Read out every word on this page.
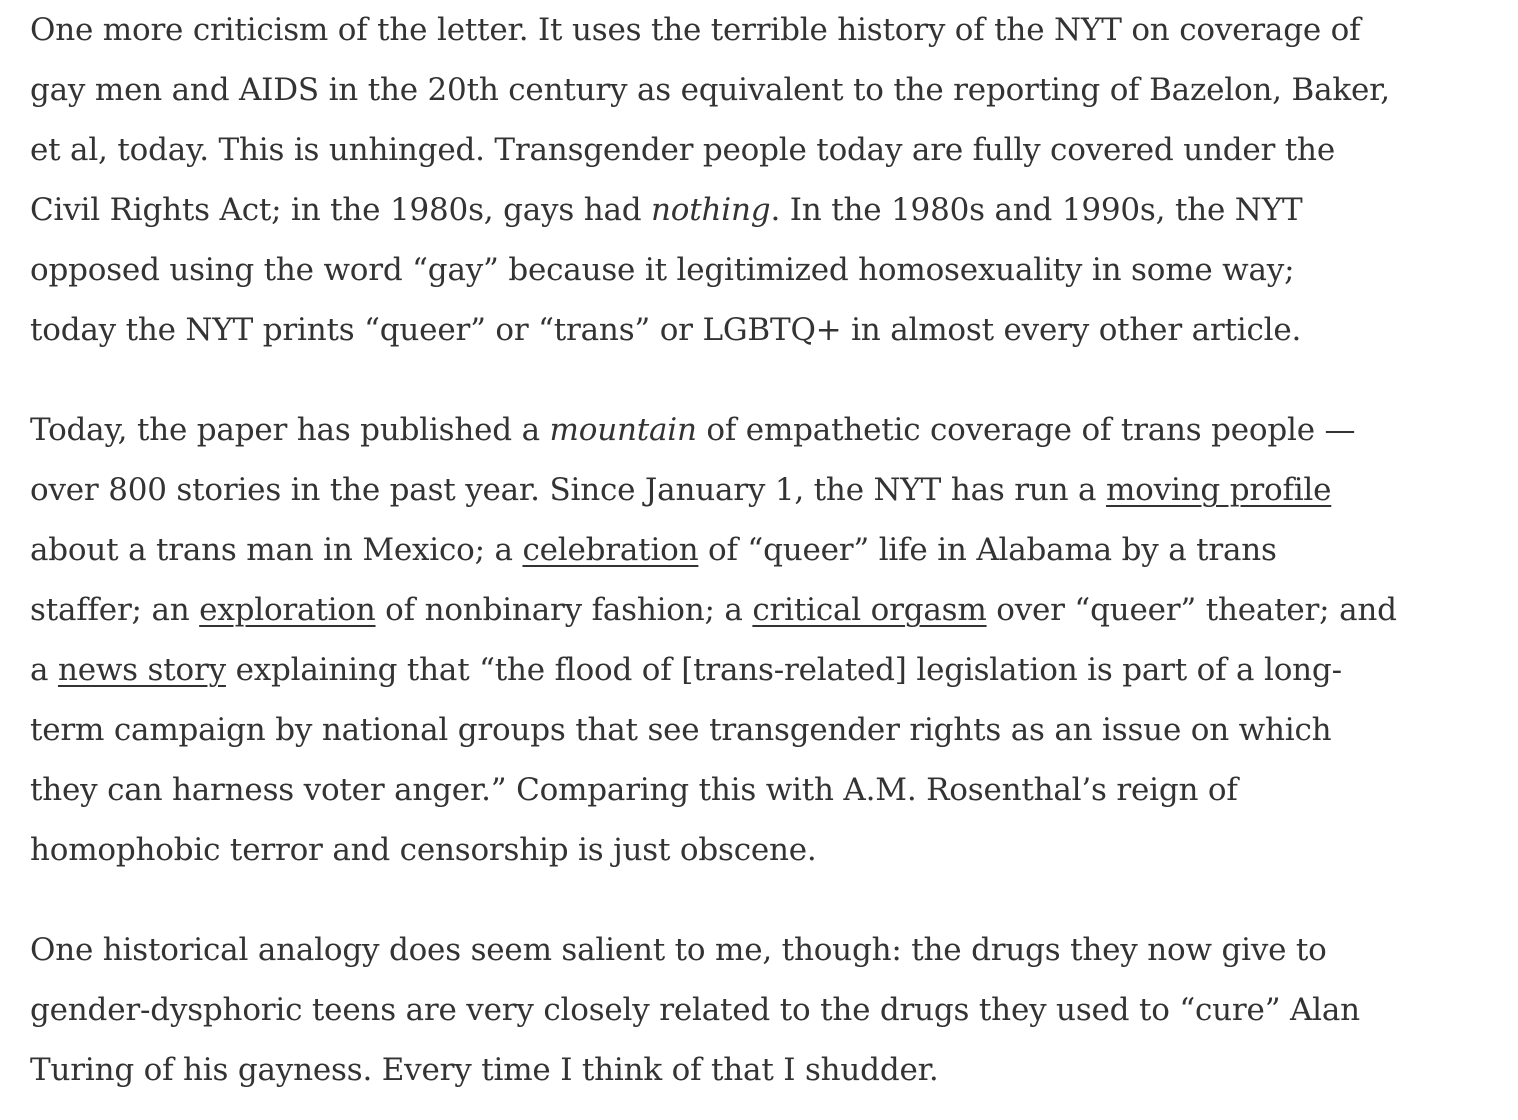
One more criticism of the letter. It uses the terrible history of the NYT on coverage of
gay men and AIDS in the 20th century as equivalent to the reporting of Bazelon, Baker,
et al, today. This is unhinged. Transgender people today are fully covered under the
Civil Rights Act; in the 1980s, gays had nothing. In the 1980s and 1990s, the NYT
opposed using the word “gay” because it legitimized homosexuality in some way;
today the NYT prints “queer” or “trans” or LGBTQ+ in almost every other article.

Today, the paper has published a mountain of empathetic coverage of trans people —
over 800 stories in the past year. Since January 1, the NYT has run a moving profile
about a trans man in Mexico; a celebration of “queer” life in Alabama by a trans
staffer; an exploration of nonbinary fashion; a critical orgasm over “queer” theater; and
a news story explaining that “the flood of [trans-related] legislation is part of a long-
term campaign by national groups that see transgender rights as an issue on which
they can harness voter anger.” Comparing this with A.M. Rosenthal’s reign of
homophobic terror and censorship is just obscene.

One historical analogy does seem salient to me, though: the drugs they now give to
gender-dysphoric teens are very closely related to the drugs they used to “cure” Alan
Turing of his gayness. Every time I think of that I shudder.
